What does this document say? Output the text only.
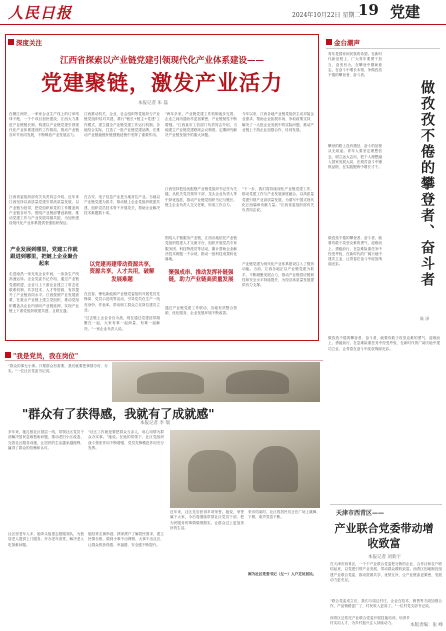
人民日报	2024年10月22日 星期二
19 党建
深度关注
江西省探索以产业链党建引领现代化产业体系建设——
党建聚链，激发产业活力
本报记者 朱 磊
在赣江两岸，一家家企业生产线上的订单络绎不绝，一个个项目加快建设，江西大力推进产业链链长制，构建以产业链党建引领现代化产业体系建设的工作格局，推动产业链各环节协同发展，不断释放产业发展活力。
江西省委组织部有关负责同志介绍，近年来江西坚持以高质量党建引领高质量发展，以产业链为纽带，把党组织和党的工作覆盖到产业链各环节，围绕产业链部署创新链，推动党建工作与产业发展同频共振，为加快建设现代化产业体系提供坚强组织保证。
产业发展到哪里，党建工作就跟进到哪里，把链上企业聚合起来
走进南昌一家光电企业车间，一条条生产线高速运转。企业党委书记介绍，通过产业链党建联盟，企业与上下游企业建立了常态化联系机制，共享技术、人才等资源，有效提升了产业链协同水平。江西按照产业发展需要，在重点产业链上建立党组织，推动党组织覆盖从企业内部向产业链延伸，实现产业链上下游党组织联建共建、互联互通。
江西推动机关、企业、社会组织等党组织与产业链党组织结对共建，推行"链长+链主+党建"工作模式，建立健全产业链党建工作运行机制。各地结合实际，打造了一批产业链党建品牌，在推动产业链稳链补链强链延链中发挥了重要作用。
在吉安，电子信息产业是当地首位产业。当地以产业链党建为抓手，推动链上企业党组织联建共建，组织党员技术骨干开展攻关，帮助企业解决技术难题数十项。
以党建再建带动资源共享，资源共享，人才共用，破解发展难题
在宜春，锂电新能源产业链党委组织开展党员先锋岗、党员示范线等活动，引导党员在生产一线亮身份、作表率，带动职工群众立足岗位建功立业。
"过去链上企业各自为战，现在通过党建纽带凝聚在一起，大家有事一起商量、有难一起解决。"一家企业负责人说。
"两年多来，产业链党建工作机制逐步完善，企业之间沟通协作更加紧密，产业链韧性不断增强。"江西某市工信部门负责同志介绍，当地建立产业链党建联席会议制度，定期研究解决产业链发展中的重大问题。
江西坚持把选优配强产业链党组织书记作为关键，从机关党员领导干部、龙头企业负责人等中择优选派，推动产业链党组织书记与链长、链主企业负责人交叉任职，形成工作合力。
围绕人才链服务产业链，江西各地依托产业链党组织搭建人才交流平台，组织开展党员专家服务团、科技特派员等活动，累计帮助企业解决技术难题一千余项，推动一批科技成果转化落地。
聚强成串、推动发挥补链强链，助力产业链高质量发展
通过产业链党建工作联动，各地有效整合资源、优化服务，企业发展环境不断改善。
今年以来，江西各地产业链党组织主动对接企业需求，帮助企业拓展市场、争取政策支持，解决了一大批企业发展中的实际问题，推动产业链上下游企业加强合作、协同发展。
"下一步，我们将持续深化产业链党建工作，推动党建工作与产业发展深度融合，以高质量党建引领产业高质量发展，为谱写中国式现代化江西篇章贡献力量。"江西省委组织部有关负责同志说。
产业链党建为现代化产业体系建设注入了强劲动能。当前，江西各地正以产业链党建为抓手，不断凝聚发展合力，推动产业链供应链韧性和安全水平持续提升，为经济高质量发展提供有力支撑。
金台潮声
青年是国家和民族的希望。在新时代新征程上，广大青年要勇于担当、奋发有为，在攀登中磨砺意志，在奋斗中增长本领，争做孜孜不倦的攀登者、奋斗者。
攀登的路上没有捷径，奋斗的征程从无坦途。青年人要坚定理想信念，树立远大志向，把个人理想融入国家发展大局，在艰苦奋斗中锤炼品格，在实践锻炼中增长才干。
做孜孜不倦的攀登者、奋斗者，就要有敢于攻坚克难的勇气，迎难而上、勇毅前行，在急难险重任务中经受考验，在新时代的广阔天地中建功立业，让青春在奋斗中绽放绚丽光彩。	做孜孜不倦的攀登者、奋斗者
陈 泽
做孜孜不倦的攀登者、奋斗者，就要有敢于攻坚克难的勇气，迎难而上、勇毅前行，在急难险重任务中经受考验，在新时代的广阔天地中建功立业，让青春在奋斗中绽放绚丽光彩。
"我是党员，我在岗位"
"群众的事无小事。只要群众有需要，我们就要把事情办好、办实。"一位社区党委书记说。
"群众有了获得感，我就有了成就感"
本报记者 李 瑞
多年来，她扎根社区基层一线，带领社区党员干部解决居民急难愁盼问题，推动老旧小区改造、完善社区服务设施，让居民的生活越来越便利，赢得了群众的信赖和认可。
社区里老年人多，她牵头组建志愿服务队，为独居老人提供上门服务，开办老年食堂，解决老人吃饭难问题。
"社区工作就是要把群众当亲人，用心用情为群众办实事。"她说。在她的带领下，社区党组织战斗堡垒作用不断增强，党员先锋模范作用充分发挥。
她经常走街串巷，挨家挨户了解居民需求，建立民情台账，做到小事不出网格、大事不出社区，让群众的获得感、幸福感、安全感不断提升。
近年来，社区先后获得多项荣誉。她说，荣誉属于大家，今后将继续带领社区党员干部，把为民服务的事情做细做实，让群众过上更加美好的生活。
采访结束时，社区的居民们正在广场上跳舞、下棋，欢声笑语不断。
图为社区党委书记（左一）入户走访居民。
天津市西青区——
产业联合党委带动增收致富
本报记者 刘新宇
在天津市西青区，一个个产业联合党委把分散的企业、合作社和农户联结起来，以党建引领产业发展，带动群众增收致富。西青区因地制宜组建产业联合党委，推动资源共享、优势互补，让产业链条更紧密、发展动力更充足。
"联合党委成立后，我们与周边村庄、企业在技术、销售等方面加强合作，产品销路更广了，村民收入更高了。"一位村党支部书记说。
西青区还依托产业联合党委开展技能培训，培养乡村实用人才，为乡村振兴注入持续动力。	本版责编：张 峰
